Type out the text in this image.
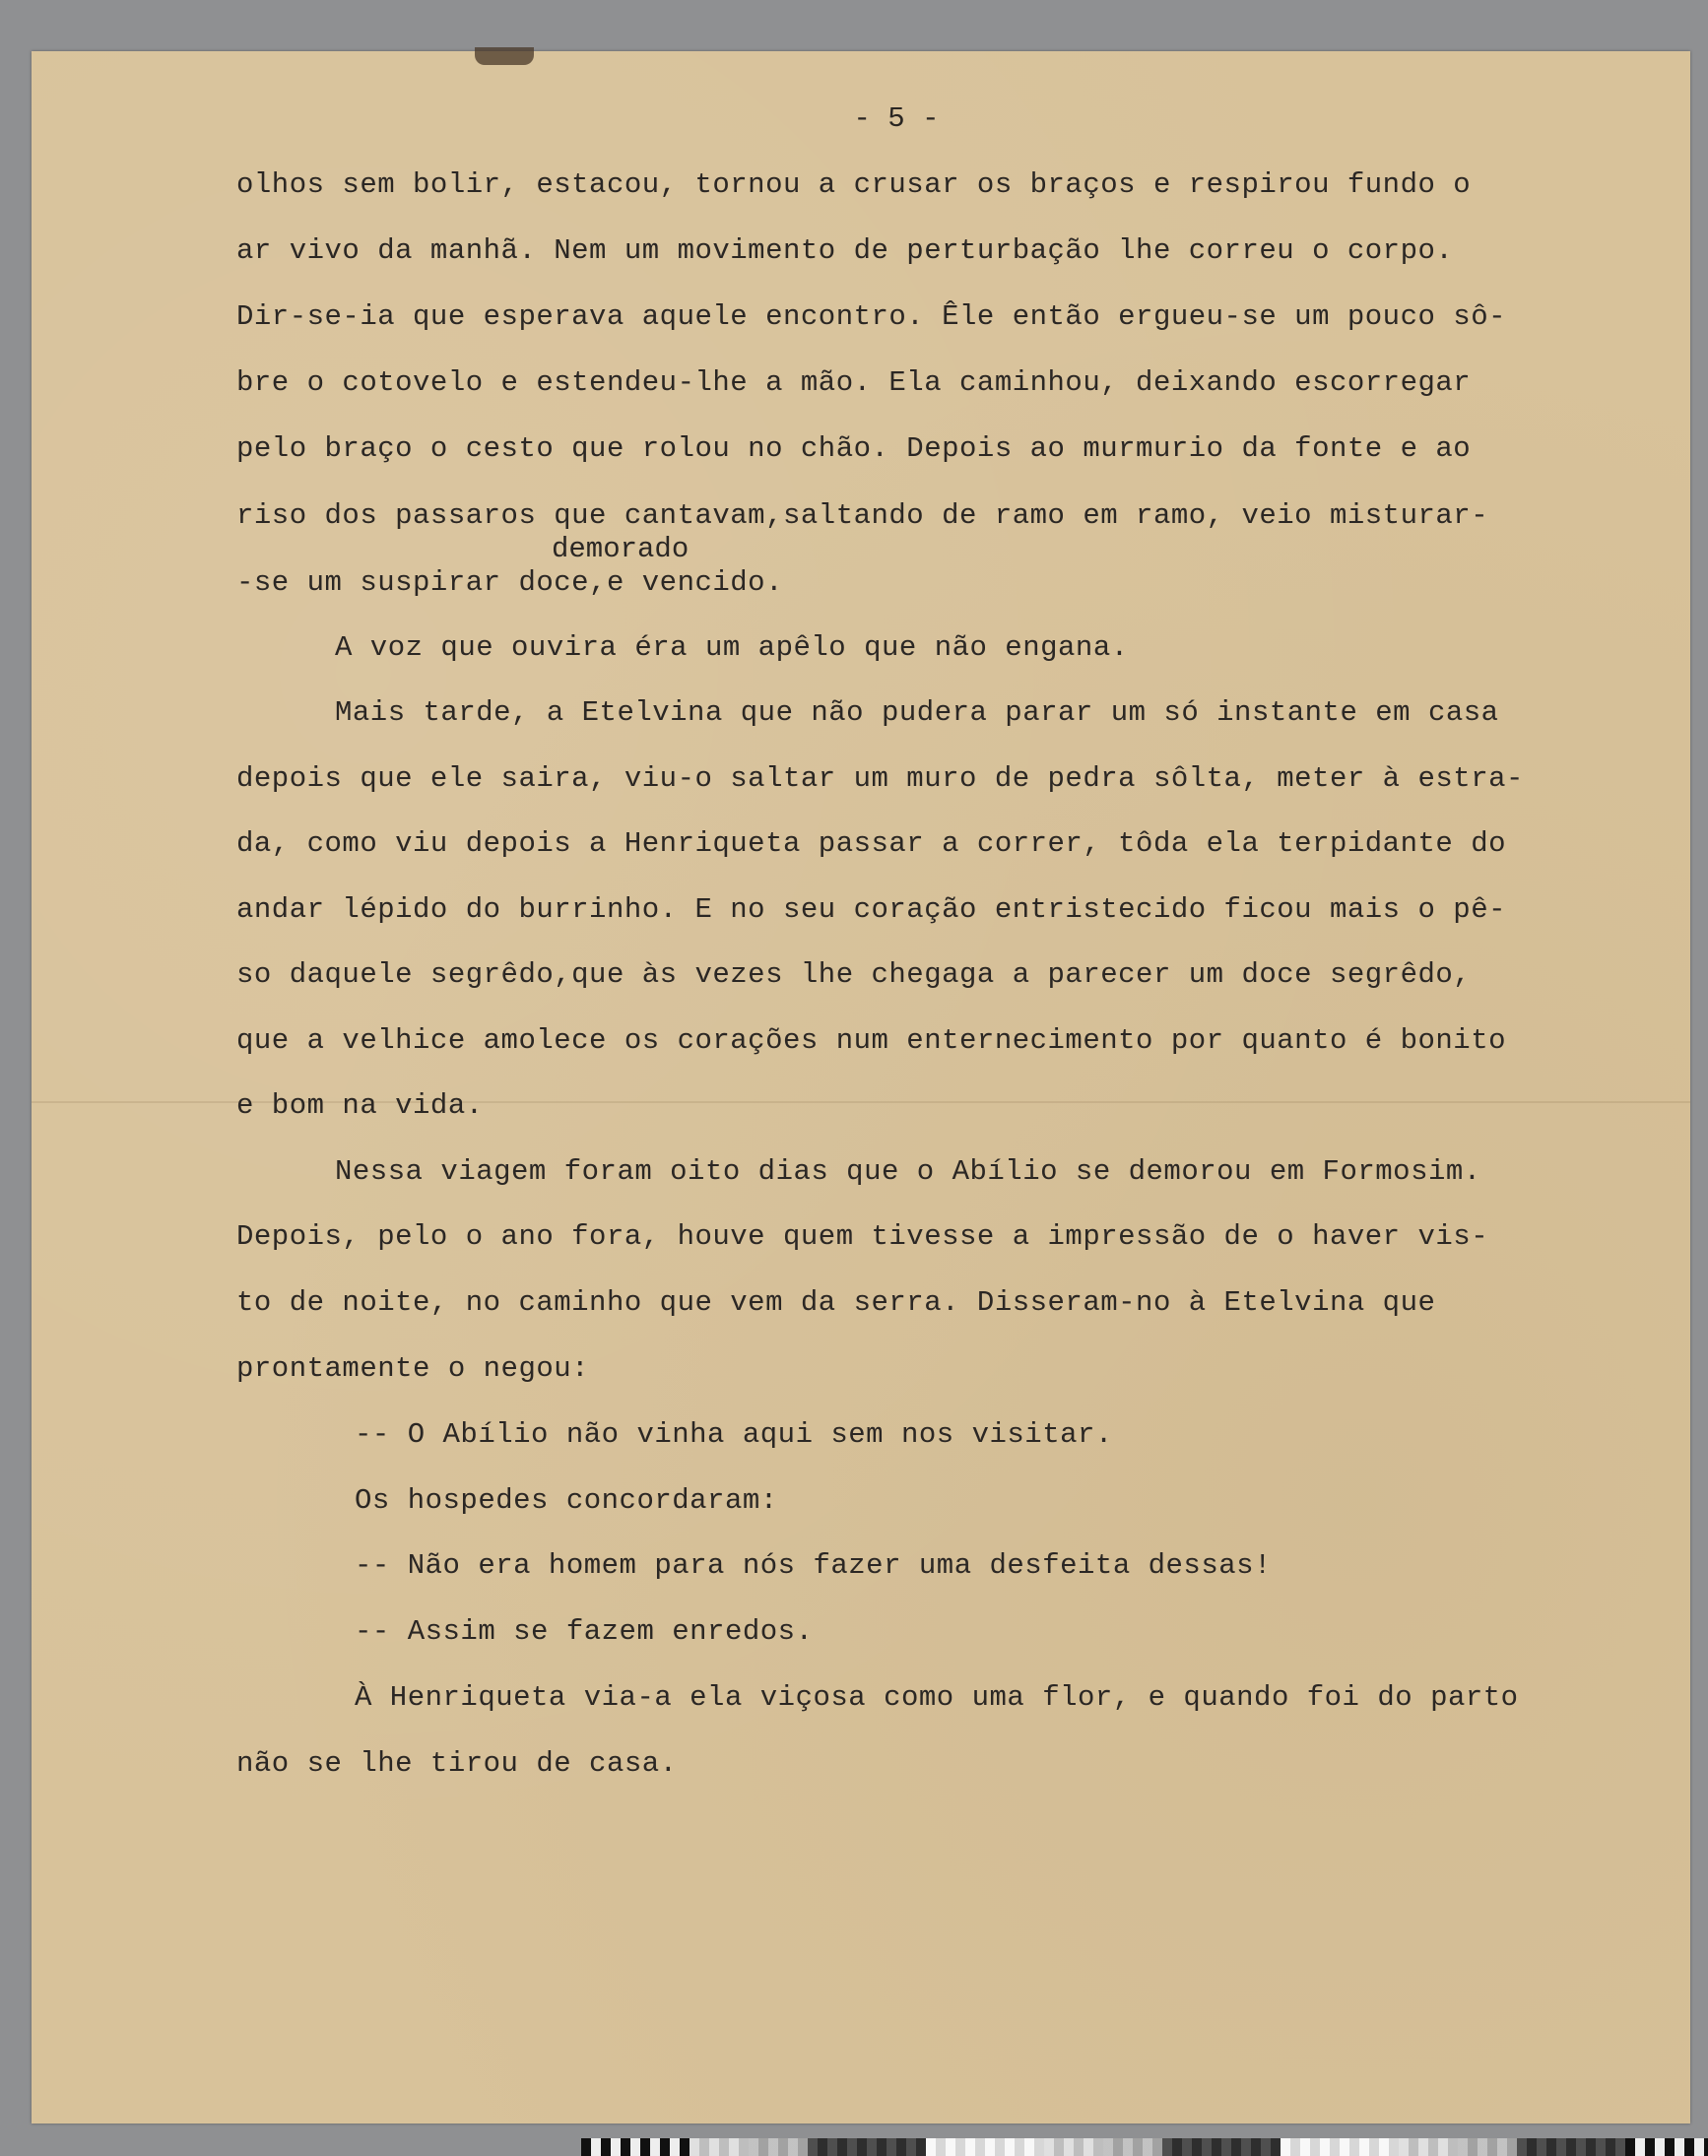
- 5 -
olhos sem bolir, estacou, tornou a crusar os braços e respirou fundo o
ar vivo da manhã. Nem um movimento de perturbação lhe correu o corpo.
Dir-se-ia que esperava aquele encontro. Êle então ergueu-se um pouco sô-
bre o cotovelo e estendeu-lhe a mão. Ela caminhou, deixando escorregar
pelo braço o cesto que rolou no chão. Depois ao murmurio da fonte e ao
riso dos passaros que cantavam,saltando de ramo em ramo, veio misturar-
demorado
-se um suspirar doce,e vencido.
A voz que ouvira éra um apêlo que não engana.
Mais tarde, a Etelvina que não pudera parar um só instante em casa
depois que ele saira, viu-o saltar um muro de pedra sôlta, meter à estra-
da, como viu depois a Henriqueta passar a correr, tôda ela terpidante do
andar lépido do burrinho. E no seu coração entristecido ficou mais o pê-
so daquele segrêdo,que às vezes lhe chegaga a parecer um doce segrêdo,
que a velhice amolece os corações num enternecimento por quanto é bonito
e bom na vida.
Nessa viagem foram oito dias que o Abílio se demorou em Formosim.
Depois, pelo o ano fora, houve quem tivesse a impressão de o haver vis-
to de noite, no caminho que vem da serra. Disseram-no à Etelvina que
prontamente o negou:
-- O Abílio não vinha aqui sem nos visitar.
Os hospedes concordaram:
-- Não era homem para nós fazer uma desfeita dessas!
-- Assim se fazem enredos.
À Henriqueta via-a ela viçosa como uma flor, e quando foi do parto
não se lhe tirou de casa.
